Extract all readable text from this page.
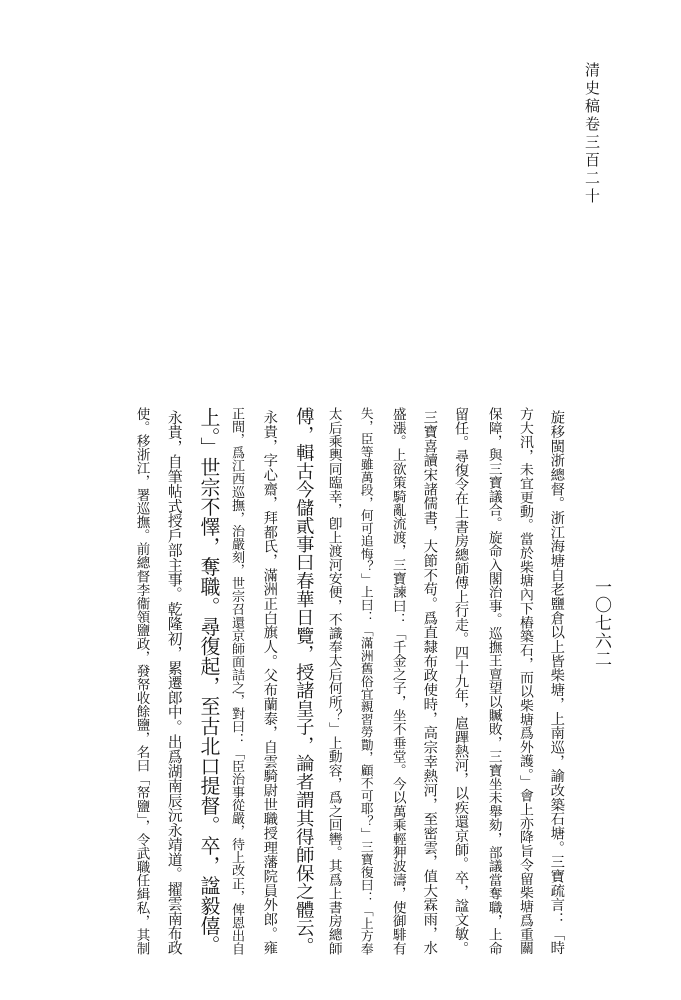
清史稿卷三百二十
一〇七六二
旋移閩浙總督。浙江海塘自老鹽倉以上皆柴塘，上南巡，諭改築石塘。三寶疏言：「時
方大汛，未宜更動。當於柴塘內下樁築石，而以柴塘爲外護。」會上亦降旨令留柴塘爲重關
保障，與三寶議合。旋命入閣治事。巡撫王亶望以贓敗，三寶坐未舉劾，部議當奪職，上命
留任。尋復令在上書房總師傅上行走。四十九年，扈蹕熱河，以疾還京師。卒，諡文敏。
三寶喜讀宋諸儒書，大節不苟。爲直隸布政使時，高宗幸熱河，至密雲，值大霖雨，水
盛漲。上欲策騎亂流渡，三寶諫曰：「千金之子，坐不垂堂。今以萬乘輕狎波濤，使御騑有
失，臣等雖萬段，何可追悔？」上曰：「滿洲舊俗宜親習勞勩，顧不可耶？」三寶復曰：「上方奉
太后乘輿同臨幸，卽上渡河安便，不識奉太后何所？」上動容，爲之回轡。其爲上書房總師
傅，輯古今儲貳事曰春華日覽，授諸皇子，論者謂其得師保之體云。
永貴，字心齋，拜都氏，滿洲正白旗人。父布蘭泰，自雲騎尉世職授理藩院員外郎。雍
正間，爲江西巡撫，治嚴刻，世宗召還京師面詰之，對曰：「臣治事從嚴，待上改正，俾恩出自
上。」世宗不懌，奪職。尋復起，至古北口提督。卒，諡毅僖。
永貴，自筆帖式授戶部主事。乾隆初，累遷郎中。出爲湖南辰沅永靖道。擢雲南布政
使。移浙江，署巡撫。前總督李衞領鹽政，發帑收餘鹽，名曰「帑鹽」，令武職任緝私，其制
